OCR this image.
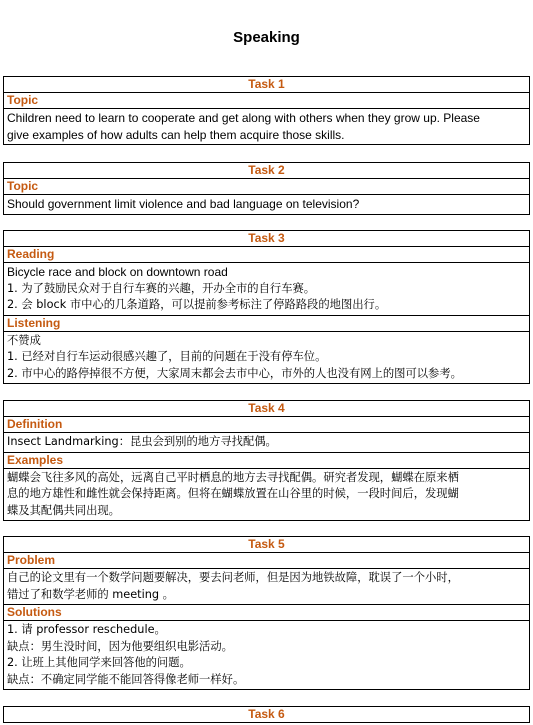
Speaking
Task 1
Topic
Children need to learn to cooperate and get along with others when they grow up. Please
give examples of how adults can help them acquire those skills.
Task 2
Topic
Should government limit violence and bad language on television?
Task 3
Reading
Bicycle race and block on downtown road
1. 为了鼓励民众对于自行车赛的兴趣，开办全市的自行车赛。
2. 会 block 市中心的几条道路，可以提前参考标注了停路路段的地图出行。
Listening
不赞成
1. 已经对自行车运动很感兴趣了，目前的问题在于没有停车位。
2. 市中心的路停掉很不方便，大家周末都会去市中心，市外的人也没有网上的图可以参考。
Task 4
Definition
Insect Landmarking：昆虫会到别的地方寻找配偶。
Examples
蝴蝶会飞往多风的高处，远离自己平时栖息的地方去寻找配偶。研究者发现，蝴蝶在原来栖
息的地方雄性和雌性就会保持距离。但将在蝴蝶放置在山谷里的时候，一段时间后，发现蝴
蝶及其配偶共同出现。
Task 5
Problem
自己的论文里有一个数学问题要解决，要去问老师，但是因为地铁故障，耽误了一个小时，
错过了和数学老师的 meeting 。
Solutions
1. 请 professor reschedule。
缺点：男生没时间，因为他要组织电影活动。
2. 让班上其他同学来回答他的问题。
缺点：不确定同学能不能回答得像老师一样好。
Task 6
